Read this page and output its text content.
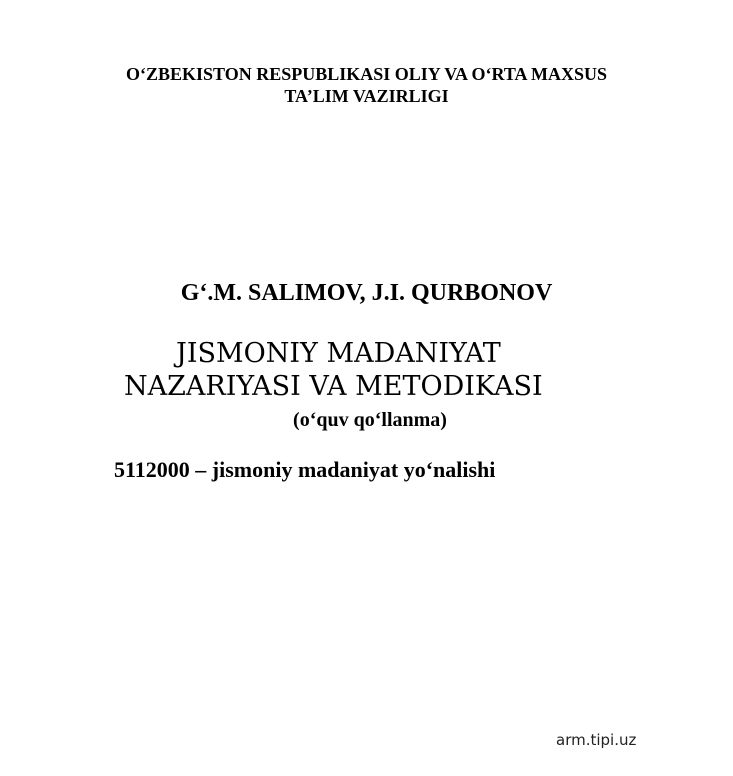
O‘ZBEKISTON RESPUBLIKASI OLIY VA O‘RTA MAXSUS
TA’LIM VAZIRLIGI
G‘.M. SALIMOV, J.I. QURBONOV
JISMONIY MADANIYAT
NAZARIYASI VA METODIKASI
(o‘quv qo‘llanma)
5112000 – jismoniy madaniyat yo‘nalishi
arm.tipi.uz
